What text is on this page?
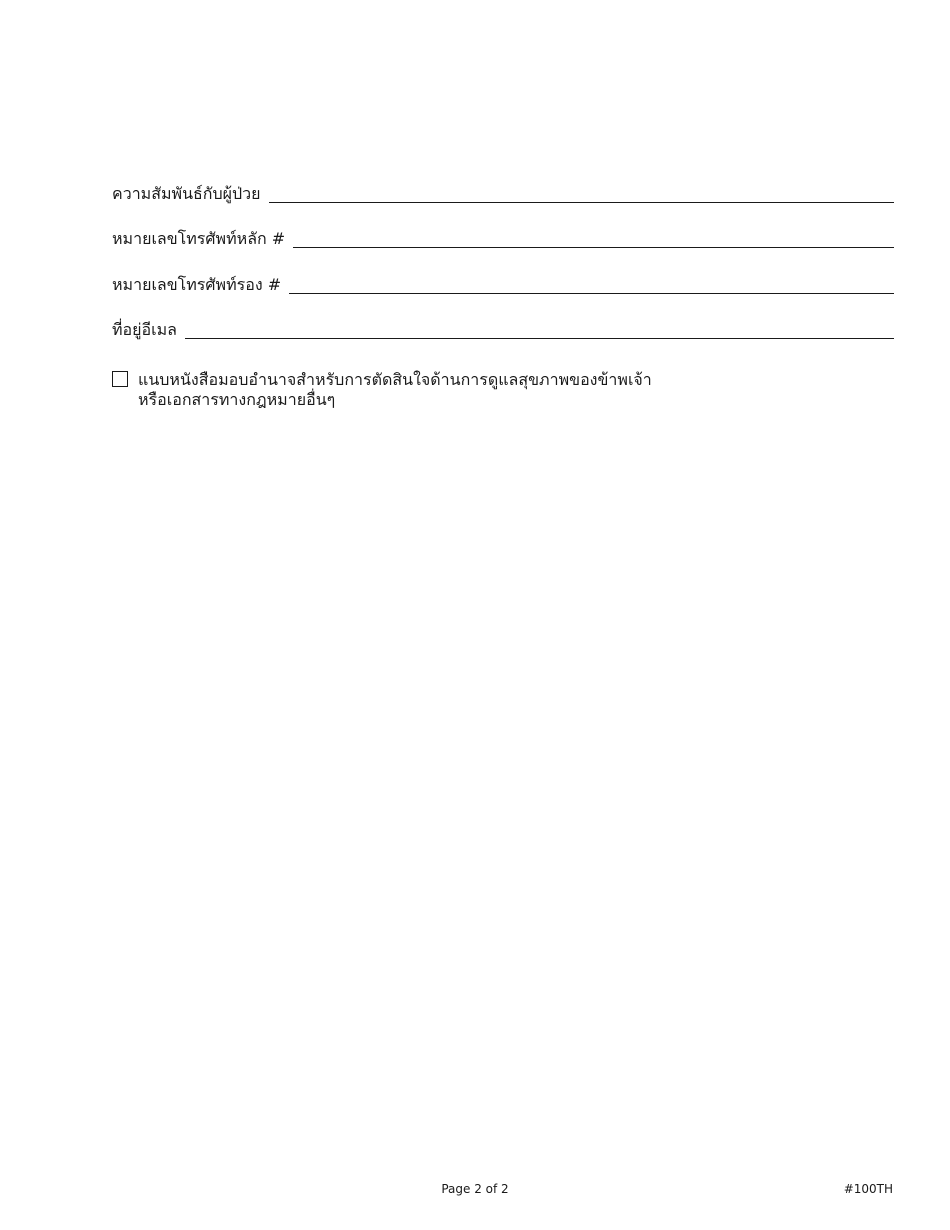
ความสัมพันธ์กับผู้ป่วย
หมายเลขโทรศัพท์หลัก #
หมายเลขโทรศัพท์รอง #
ที่อยู่อีเมล
แนบหนังสือมอบอำนาจสำหรับการตัดสินใจด้านการดูแลสุขภาพของข้าพเจ้า
หรือเอกสารทางกฎหมายอื่นๆ
Page 2 of 2	#100TH
